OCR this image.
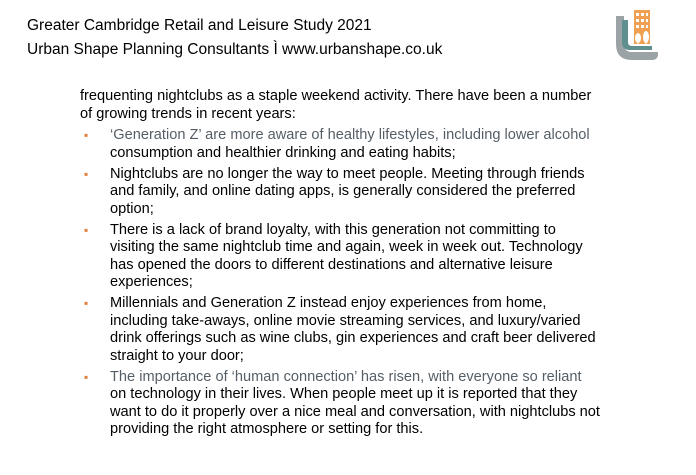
Greater Cambridge Retail and Leisure Study 2021
Urban Shape Planning Consultants Ì www.urbanshape.co.uk

frequenting nightclubs as a staple weekend activity. There have been a number
of growing trends in recent years:

▪ ‘Generation Z’ are more aware of healthy lifestyles, including lower alcohol
consumption and healthier drinking and eating habits;
▪ Nightclubs are no longer the way to meet people. Meeting through friends
and family, and online dating apps, is generally considered the preferred
option;
▪ There is a lack of brand loyalty, with this generation not committing to
visiting the same nightclub time and again, week in week out. Technology
has opened the doors to different destinations and alternative leisure
experiences;
▪ Millennials and Generation Z instead enjoy experiences from home,
including take-aways, online movie streaming services, and luxury/varied
drink offerings such as wine clubs, gin experiences and craft beer delivered
straight to your door;
▪ The importance of ‘human connection’ has risen, with everyone so reliant
on technology in their lives. When people meet up it is reported that they
want to do it properly over a nice meal and conversation, with nightclubs not
providing the right atmosphere or setting for this.
